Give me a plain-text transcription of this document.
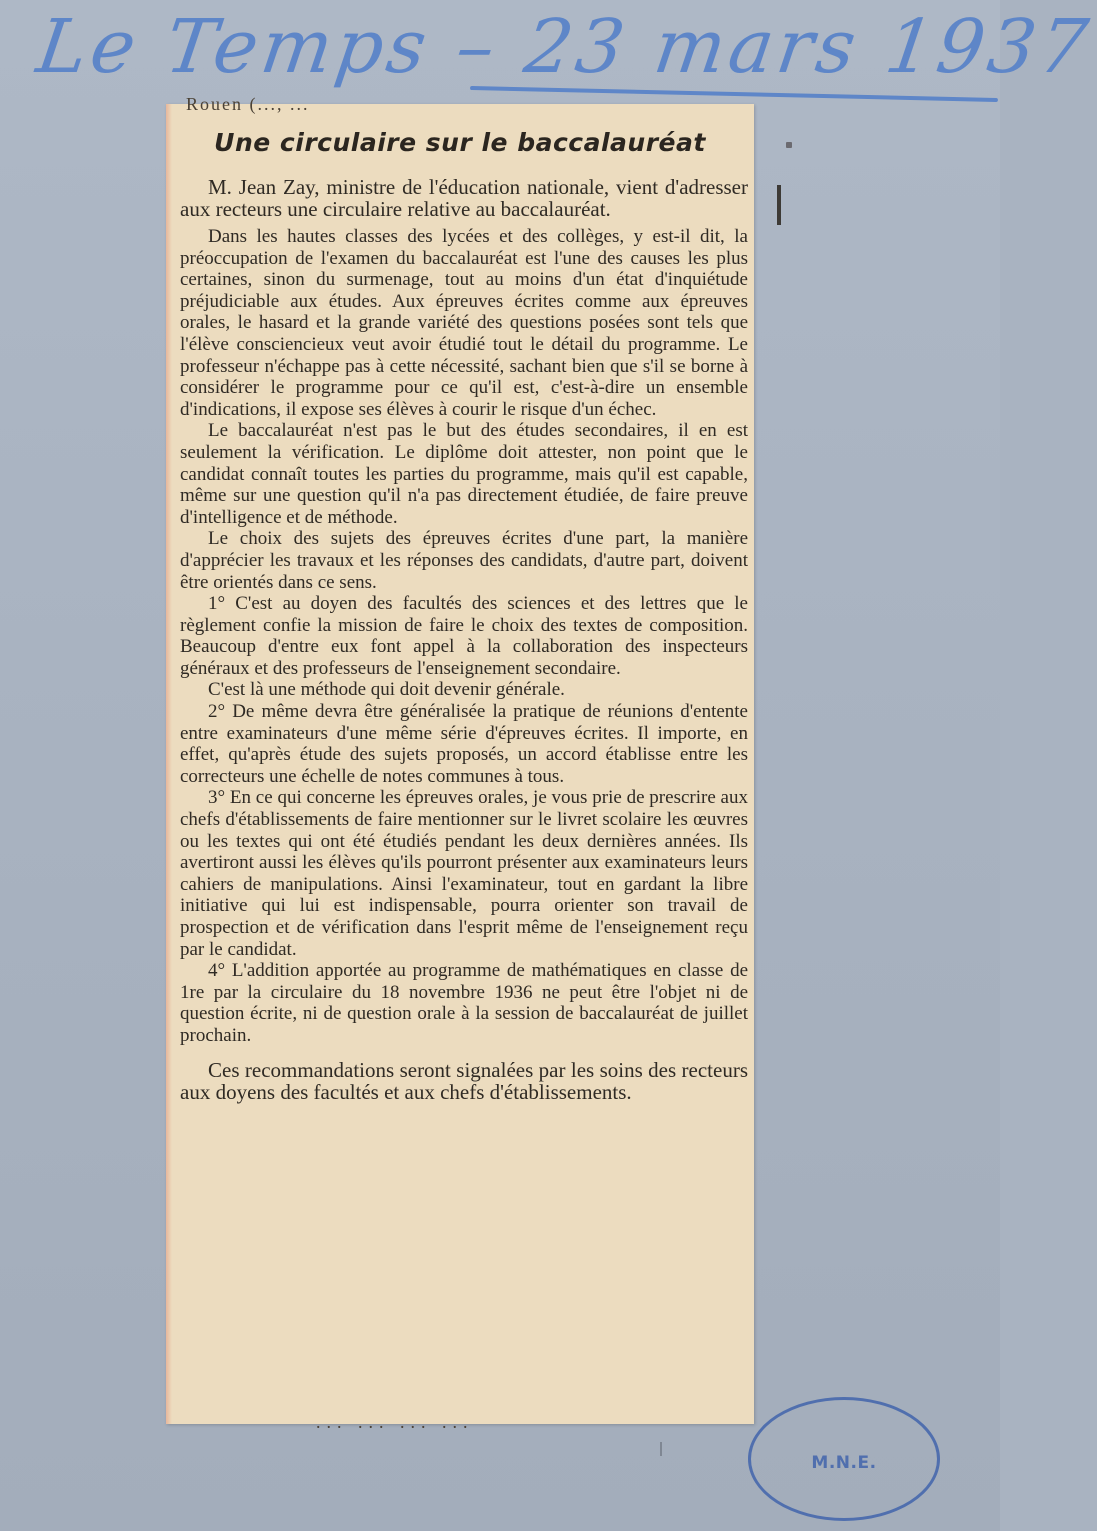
Le Temps – 23 mars 1937
Rouen (..., ...
Une circulaire sur le baccalauréat

M. Jean Zay, ministre de l'éducation nationale, vient d'adresser aux recteurs une circulaire relative au baccalauréat.

Dans les hautes classes des lycées et des collèges, y est-il dit, la préoccupation de l'examen du baccalauréat est l'une des causes les plus certaines, sinon du surmenage, tout au moins d'un état d'inquiétude préjudiciable aux études. Aux épreuves écrites comme aux épreuves orales, le hasard et la grande variété des questions posées sont tels que l'élève consciencieux veut avoir étudié tout le détail du programme. Le professeur n'échappe pas à cette nécessité, sachant bien que s'il se borne à considérer le programme pour ce qu'il est, c'est-à-dire un ensemble d'indications, il expose ses élèves à courir le risque d'un échec.

Le baccalauréat n'est pas le but des études secondaires, il en est seulement la vérification. Le diplôme doit attester, non point que le candidat connaît toutes les parties du programme, mais qu'il est capable, même sur une question qu'il n'a pas directement étudiée, de faire preuve d'intelligence et de méthode.

Le choix des sujets des épreuves écrites d'une part, la manière d'apprécier les travaux et les réponses des candidats, d'autre part, doivent être orientés dans ce sens.

1° C'est au doyen des facultés des sciences et des lettres que le règlement confie la mission de faire le choix des textes de composition. Beaucoup d'entre eux font appel à la collaboration des inspecteurs généraux et des professeurs de l'enseignement secondaire.

C'est là une méthode qui doit devenir générale.

2° De même devra être généralisée la pratique de réunions d'entente entre examinateurs d'une même série d'épreuves écrites. Il importe, en effet, qu'après étude des sujets proposés, un accord établisse entre les correcteurs une échelle de notes communes à tous.

3° En ce qui concerne les épreuves orales, je vous prie de prescrire aux chefs d'établissements de faire mentionner sur le livret scolaire les œuvres ou les textes qui ont été étudiés pendant les deux dernières années. Ils avertiront aussi les élèves qu'ils pourront présenter aux examinateurs leurs cahiers de manipulations. Ainsi l'examinateur, tout en gardant la libre initiative qui lui est indispensable, pourra orienter son travail de prospection et de vérification dans l'esprit même de l'enseignement reçu par le candidat.

4° L'addition apportée au programme de mathématiques en classe de 1re par la circulaire du 18 novembre 1936 ne peut être l'objet ni de question écrite, ni de question orale à la session de baccalauréat de juillet prochain.

Ces recommandations seront signalées par les soins des recteurs aux doyens des facultés et aux chefs d'établissements.

... ... ... ...
M.N.E.
